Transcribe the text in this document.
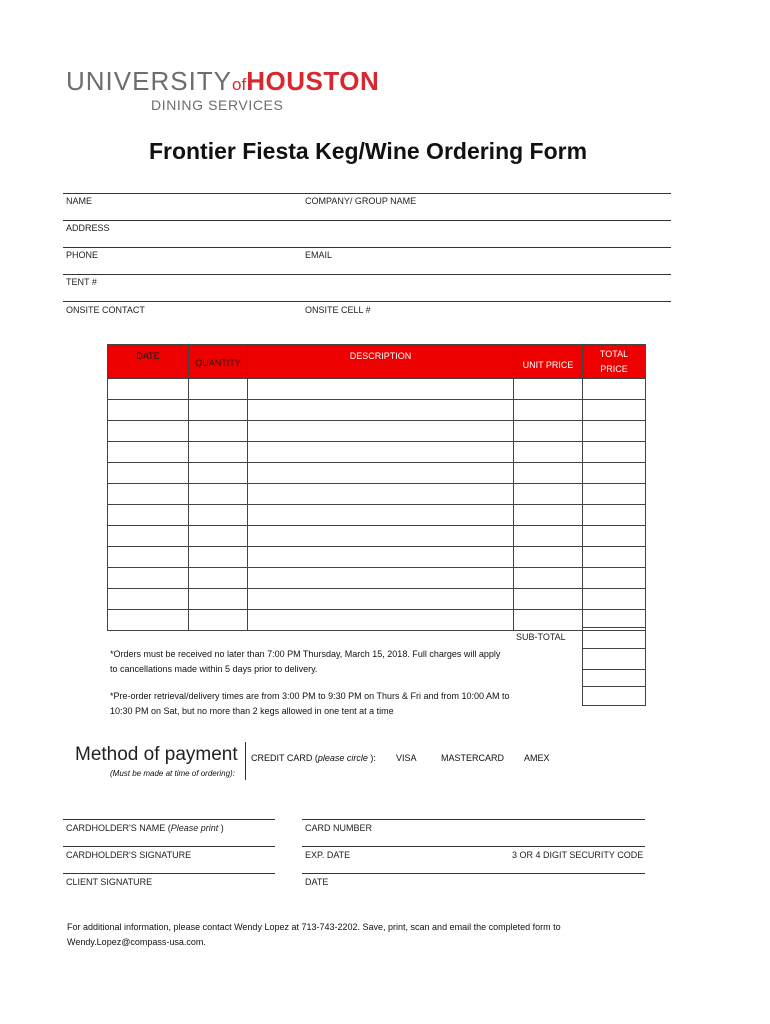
UNIVERSITYofHOUSTON
DINING SERVICES
Frontier Fiesta Keg/Wine Ordering Form
NAME	COMPANY/ GROUP NAME
ADDRESS
PHONE	EMAIL
TENT #
ONSITE CONTACT	ONSITE CELL #
DATE	QUANTITY	DESCRIPTION	UNIT PRICE	TOTAL
PRICE

SUB-TOTAL
*Orders must be received no later than 7:00 PM Thursday, March 15, 2018. Full charges will apply to cancellations made within 5 days prior to delivery.
*Pre-order retrieval/delivery times are from 3:00 PM to 9:30 PM on Thurs & Fri and from 10:00 AM to 10:30 PM on Sat, but no more than 2 kegs allowed in one tent at a time
Method of payment
(Must be made at time of ordering):
CREDIT CARD (please circle ): VISA	MASTERCARD AMEX
CARDHOLDER'S NAME (Please print )	CARD NUMBER
CARDHOLDER'S SIGNATURE	EXP. DATE	3 OR 4 DIGIT SECURITY CODE
CLIENT SIGNATURE	DATE
For additional information, please contact Wendy Lopez at 713-743-2202. Save, print, scan and email the completed form to Wendy.Lopez@compass-usa.com.
